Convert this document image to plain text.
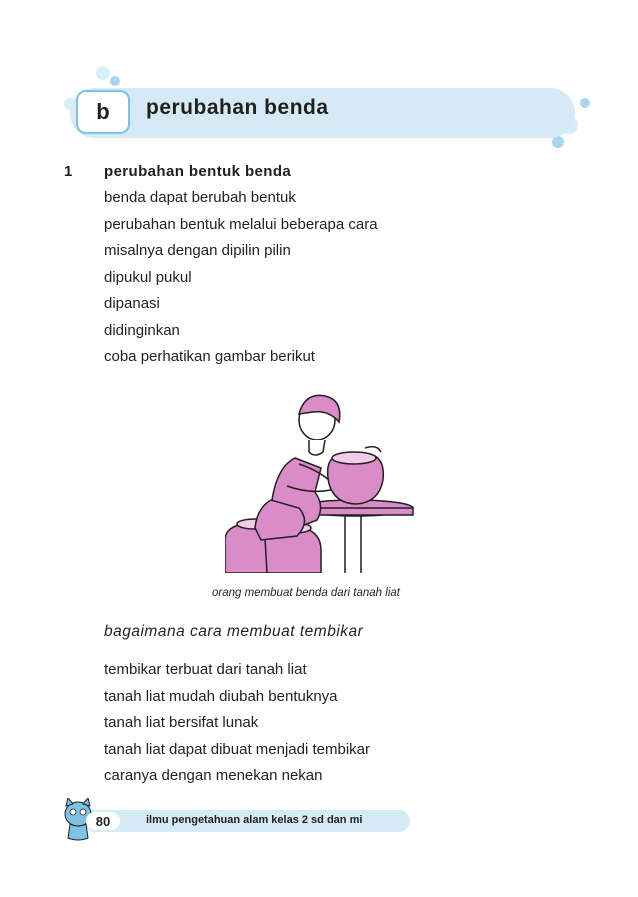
b	perubahan benda
1 perubahan bentuk benda
benda dapat berubah bentuk
perubahan bentuk melalui beberapa cara
misalnya dengan dipilin pilin
dipukul pukul
dipanasi
didinginkan
coba perhatikan gambar berikut
orang membuat benda dari tanah liat
bagaimana cara membuat tembikar
tembikar terbuat dari tanah liat
tanah liat mudah diubah bentuknya
tanah liat bersifat lunak
tanah liat dapat dibuat menjadi tembikar
caranya dengan menekan nekan
80	ilmu pengetahuan alam kelas 2 sd dan mi
